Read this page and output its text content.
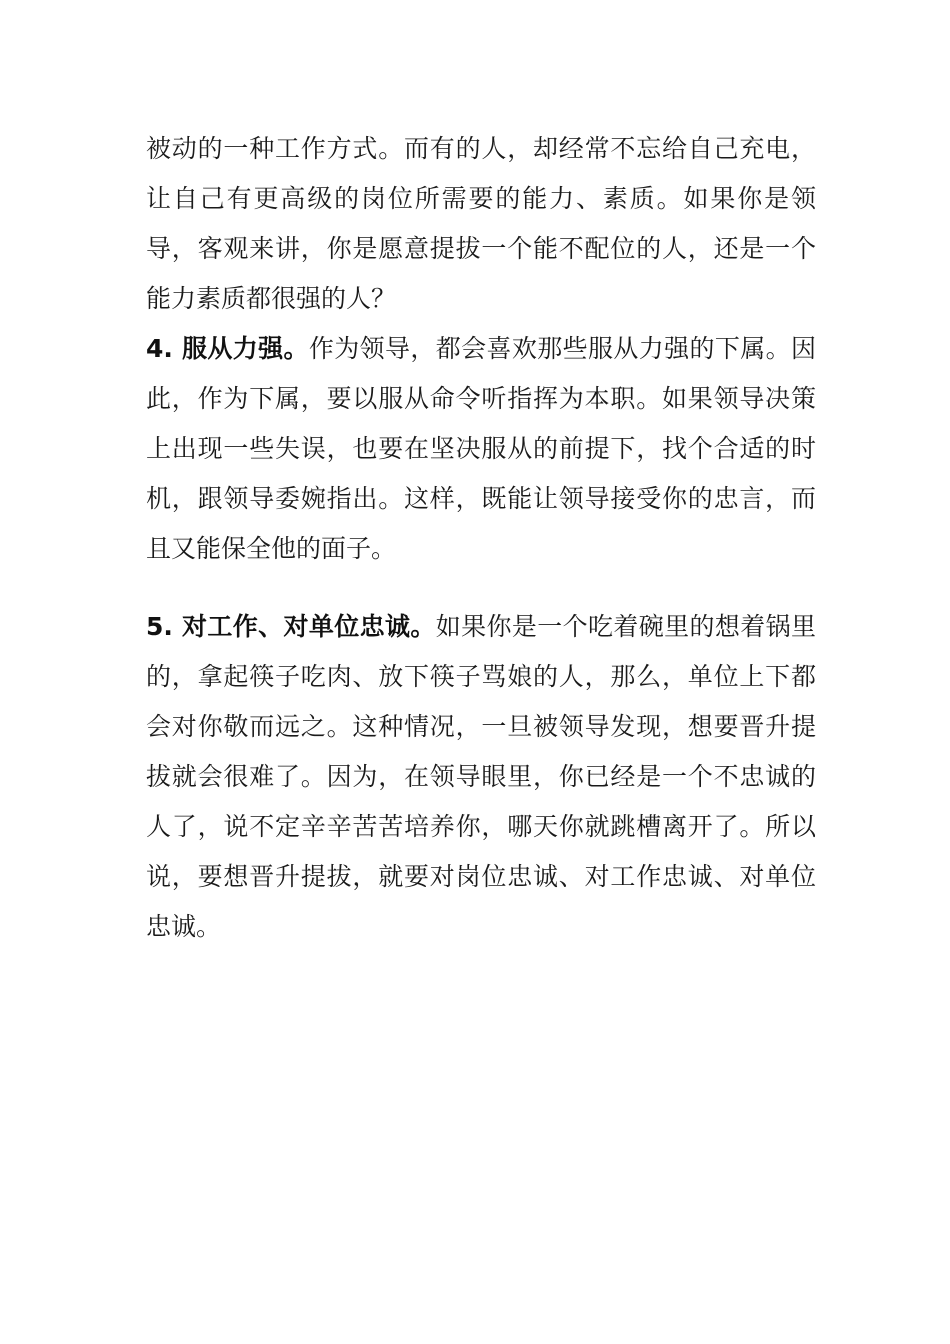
被动的一种工作方式。而有的人，却经常不忘给自己充电，让自己有更高级的岗位所需要的能力、素质。如果你是领导，客观来讲，你是愿意提拔一个能不配位的人，还是一个能力素质都很强的人？

4. 服从力强。作为领导，都会喜欢那些服从力强的下属。因此，作为下属，要以服从命令听指挥为本职。如果领导决策上出现一些失误，也要在坚决服从的前提下，找个合适的时机，跟领导委婉指出。这样，既能让领导接受你的忠言，而且又能保全他的面子。

5. 对工作、对单位忠诚。如果你是一个吃着碗里的想着锅里的，拿起筷子吃肉、放下筷子骂娘的人，那么，单位上下都会对你敬而远之。这种情况，一旦被领导发现，想要晋升提拔就会很难了。因为，在领导眼里，你已经是一个不忠诚的人了，说不定辛辛苦苦培养你，哪天你就跳槽离开了。所以说，要想晋升提拔，就要对岗位忠诚、对工作忠诚、对单位忠诚。
